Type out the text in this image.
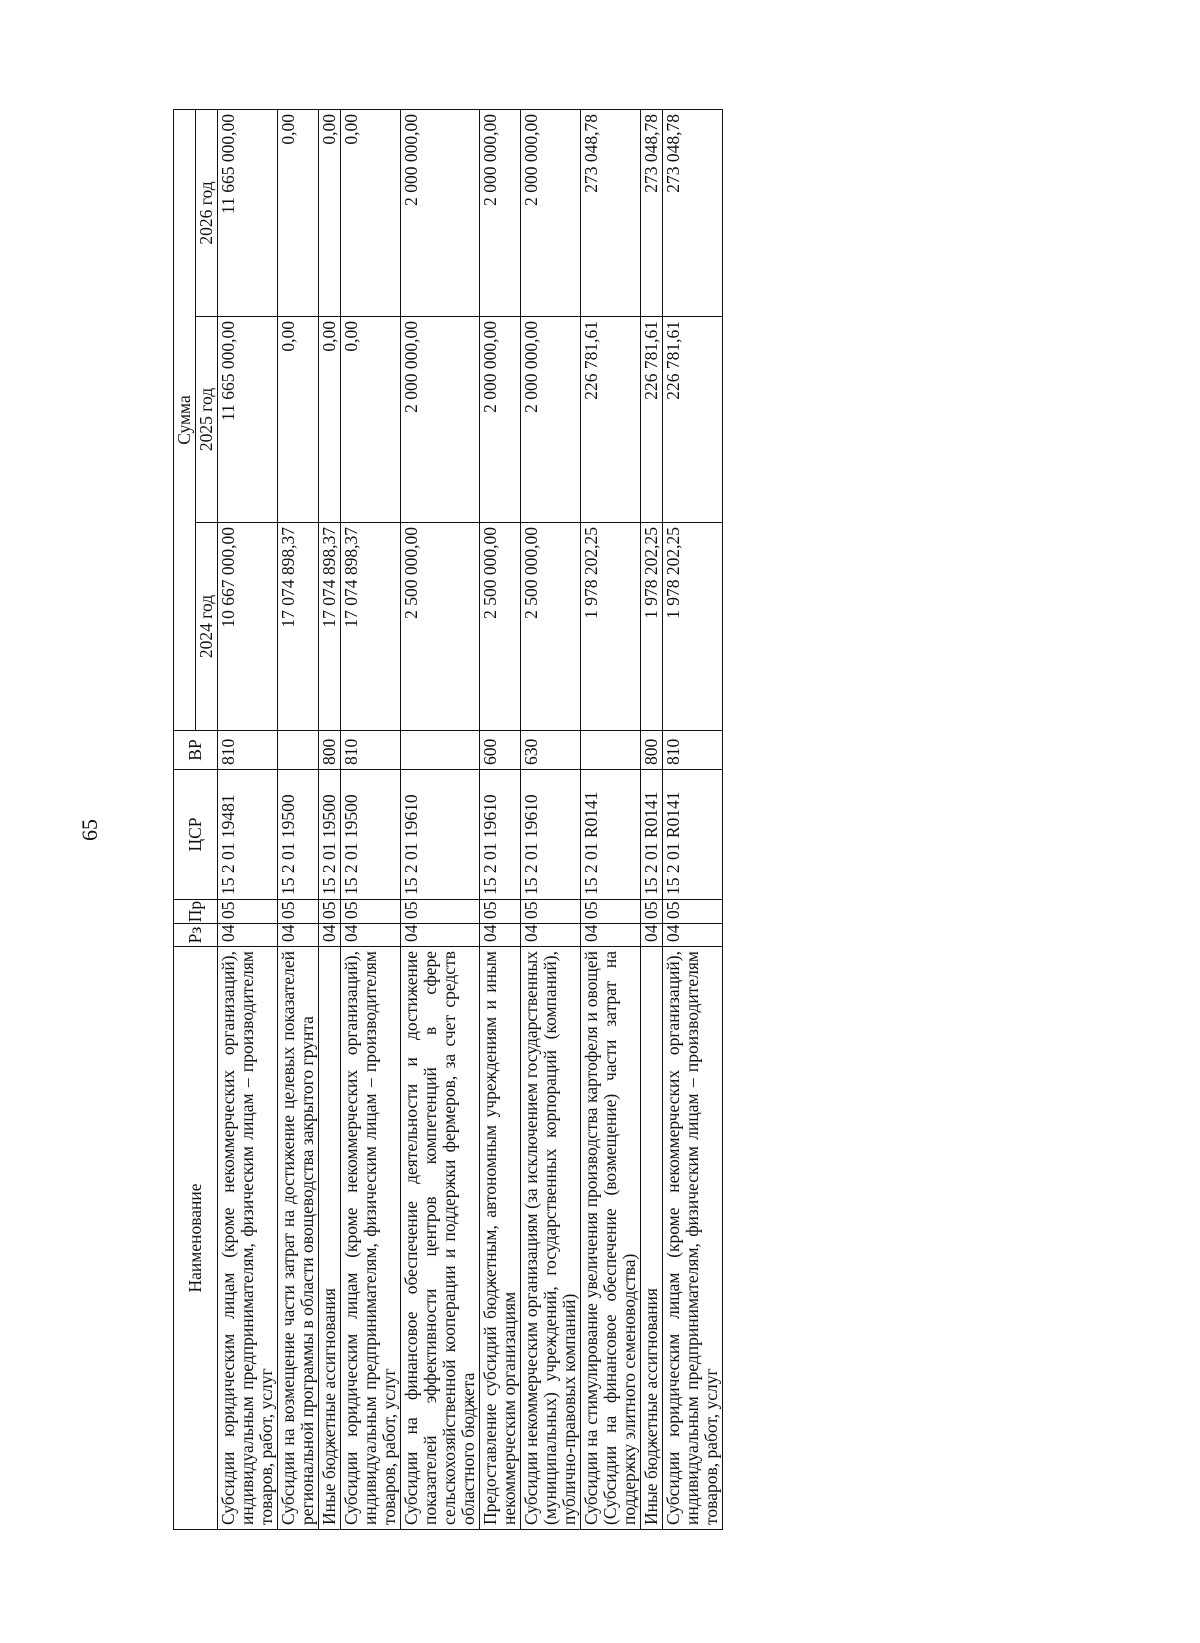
65
Наименование	Рз	Пр	ЦСР	ВР	Сумма		
					2024 год	2025 год	2026 год
Субсидии юридическим лицам (кроме некоммерческих организаций), индивидуальным предпринимателям, физическим лицам – производителям товаров, работ, услуг	04	05	15 2 01 19481	810	10 667 000,00	11 665 000,00	11 665 000,00
Субсидии на возмещение части затрат на достижение целевых показателей региональной программы в области овощеводства закрытого грунта	04	05	15 2 01 19500		17 074 898,37	0,00	0,00
Иные бюджетные ассигнования	04	05	15 2 01 19500	800	17 074 898,37	0,00	0,00
Субсидии юридическим лицам (кроме некоммерческих организаций), индивидуальным предпринимателям, физическим лицам – производителям товаров, работ, услуг	04	05	15 2 01 19500	810	17 074 898,37	0,00	0,00
Субсидии на финансовое обеспечение деятельности и достижение показателей эффективности центров компетенций в сфере сельскохозяйственной кооперации и поддержки фермеров, за счет средств областного бюджета	04	05	15 2 01 19610		2 500 000,00	2 000 000,00	2 000 000,00
Предоставление субсидий бюджетным, автономным учреждениям и иным некоммерческим организациям	04	05	15 2 01 19610	600	2 500 000,00	2 000 000,00	2 000 000,00
Субсидии некоммерческим организациям (за исключением государственных (муниципальных) учреждений, государственных корпораций (компаний), публично-правовых компаний)	04	05	15 2 01 19610	630	2 500 000,00	2 000 000,00	2 000 000,00
Субсидии на стимулирование увеличения производства картофеля и овощей (Субсидии на финансовое обеспечение (возмещение) части затрат на поддержку элитного семеноводства)	04	05	15 2 01 R0141		1 978 202,25	226 781,61	273 048,78
Иные бюджетные ассигнования	04	05	15 2 01 R0141	800	1 978 202,25	226 781,61	273 048,78
Субсидии юридическим лицам (кроме некоммерческих организаций), индивидуальным предпринимателям, физическим лицам – производителям товаров, работ, услуг	04	05	15 2 01 R0141	810	1 978 202,25	226 781,61	273 048,78
